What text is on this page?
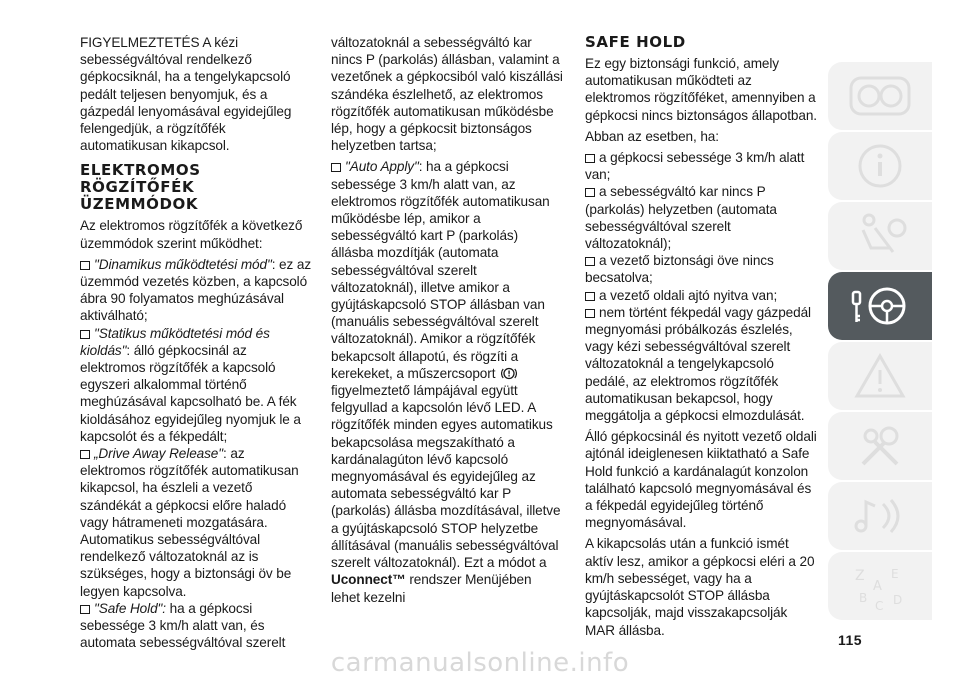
FIGYELMEZTETÉS A kézi sebességváltóval rendelkező gépkocsiknál, ha a tengelykapcsoló pedált teljesen benyomjuk, és a gázpedál lenyomásával egyidejűleg felengedjük, a rögzítőfék automatikusan kikapcsol.

ELEKTROMOS RÖGZÍTŐFÉK ÜZEMMÓDOK

Az elektromos rögzítőfék a következő üzemmódok szerint működhet:

"Dinamikus működtetési mód": ez az üzemmód vezetés közben, a kapcsoló ábra 90 folyamatos meghúzásával aktiválható;
"Statikus működtetési mód és kioldás": álló gépkocsinál az elektromos rögzítőfék a kapcsoló egyszeri alkalommal történő meghúzásával kapcsolható be. A fék kioldásához egyidejűleg nyomjuk le a kapcsolót és a fékpedált;
„Drive Away Release": az elektromos rögzítőfék automatikusan kikapcsol, ha észleli a vezető szándékát a gépkocsi előre haladó vagy hátrameneti mozgatására. Automatikus sebességváltóval rendelkező változatoknál az is szükséges, hogy a biztonsági öv be legyen kapcsolva.
"Safe Hold": ha a gépkocsi sebessége 3 km/h alatt van, és automata sebességváltóval szerelt

változatoknál a sebességváltó kar nincs P (parkolás) állásban, valamint a vezetőnek a gépkocsiból való kiszállási szándéka észlelhető, az elektromos rögzítőfék automatikusan működésbe lép, hogy a gépkocsit biztonságos helyzetben tartsa;

"Auto Apply": ha a gépkocsi sebessége 3 km/h alatt van, az elektromos rögzítőfék automatikusan működésbe lép, amikor a sebességváltó kart P (parkolás) állásba mozdítják (automata sebességváltóval szerelt változatoknál), illetve amikor a gyújtáskapcsoló STOP állásban van (manuális sebességváltóval szerelt változatoknál). Amikor a rögzítőfék bekapcsolt állapotú, és rögzíti a kerekeket, a műszercsoport !
figyelmeztető lámpájával együtt felgyullad a kapcsolón lévő LED. A rögzítőfék minden egyes automatikus bekapcsolása megszakítható a kardánalagúton lévő kapcsoló megnyomásával és egyidejűleg az automata sebességváltó kar P (parkolás) állásba mozdításával, illetve a gyújtáskapcsoló STOP helyzetbe állításával (manuális sebességváltóval szerelt változatoknál). Ezt a módot a Uconnect™ rendszer Menüjében lehet kezelni
SAFE HOLD

Ez egy biztonsági funkció, amely automatikusan működteti az elektromos rögzítőféket, amennyiben a gépkocsi nincs biztonságos állapotban.

Abban az esetben, ha:

a gépkocsi sebessége 3 km/h alatt van;
a sebességváltó kar nincs P (parkolás) helyzetben (automata sebességváltóval szerelt változatoknál);
a vezető biztonsági öve nincs becsatolva;
a vezető oldali ajtó nyitva van;
nem történt fékpedál vagy gázpedál megnyomási próbálkozás észlelés, vagy kézi sebességváltóval szerelt változatoknál a tengelykapcsoló pedálé, az elektromos rögzítőfék automatikusan bekapcsol, hogy meggátolja a gépkocsi elmozdulását.

Álló gépkocsinál és nyitott vezető oldali ajtónál ideiglenesen kiiktatható a Safe Hold funkció a kardánalagút konzolon található kapcsoló megnyomásával és a fékpedál egyidejűleg történő megnyomásával.

A kikapcsolás után a funkció ismét aktív lesz, amikor a gépkocsi eléri a 20 km/h sebességet, vagy ha a gyújtáskapcsolót STOP állásba kapcsolják, majd visszakapcsolják MAR állásba.

Z E
A
B
C D
115
carmanualsonline.info
